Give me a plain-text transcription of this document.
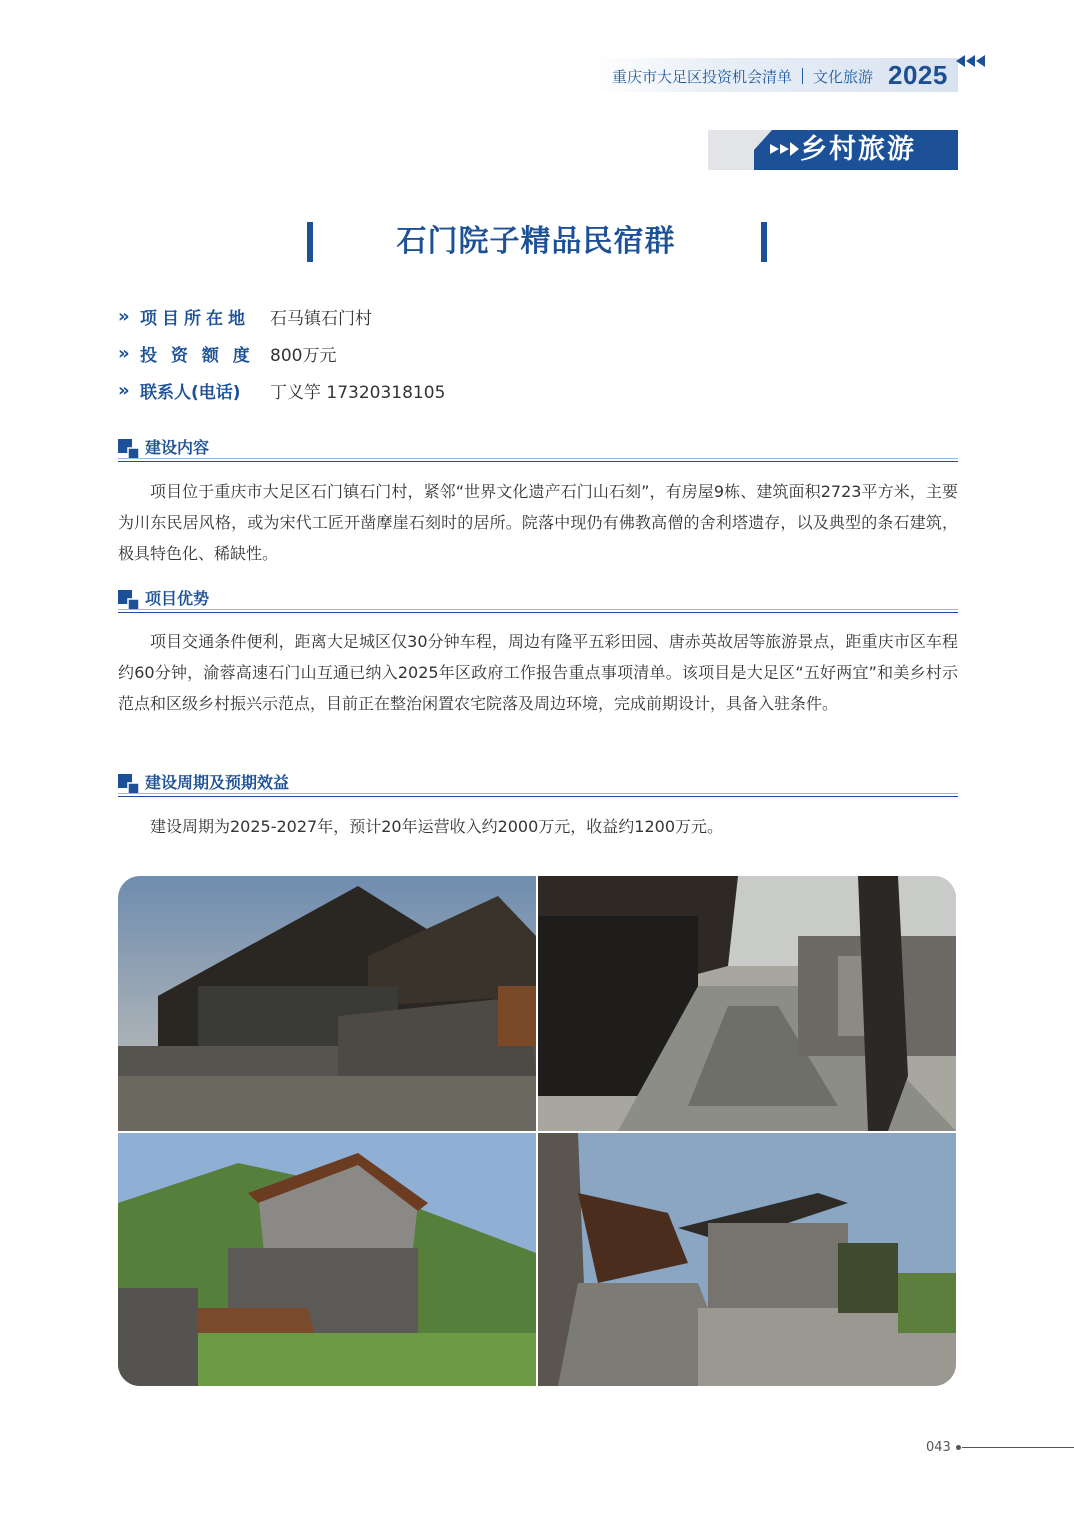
重庆市大足区投资机会清单 文化旅游 2025
乡村旅游
石门院子精品民宿群
» 项目所在地	石马镇石门村
» 投 资 额 度 800万元
» 联系人(电话)	丁义竽 17320318105
建设内容
项目位于重庆市大足区石门镇石门村，紧邻“世界文化遗产石门山石刻”，有房屋9栋、建筑面积2723平方米，主要为川东民居风格，或为宋代工匠开凿摩崖石刻时的居所。院落中现仍有佛教高僧的舍利塔遗存，以及典型的条石建筑，极具特色化、稀缺性。
项目优势
项目交通条件便利，距离大足城区仅30分钟车程，周边有隆平五彩田园、唐赤英故居等旅游景点，距重庆市区车程约60分钟，渝蓉高速石门山互通已纳入2025年区政府工作报告重点事项清单。该项目是大足区“五好两宜”和美乡村示范点和区级乡村振兴示范点，目前正在整治闲置农宅院落及周边环境，完成前期设计，具备入驻条件。
建设周期及预期效益
建设周期为2025-2027年，预计20年运营收入约2000万元，收益约1200万元。
043
